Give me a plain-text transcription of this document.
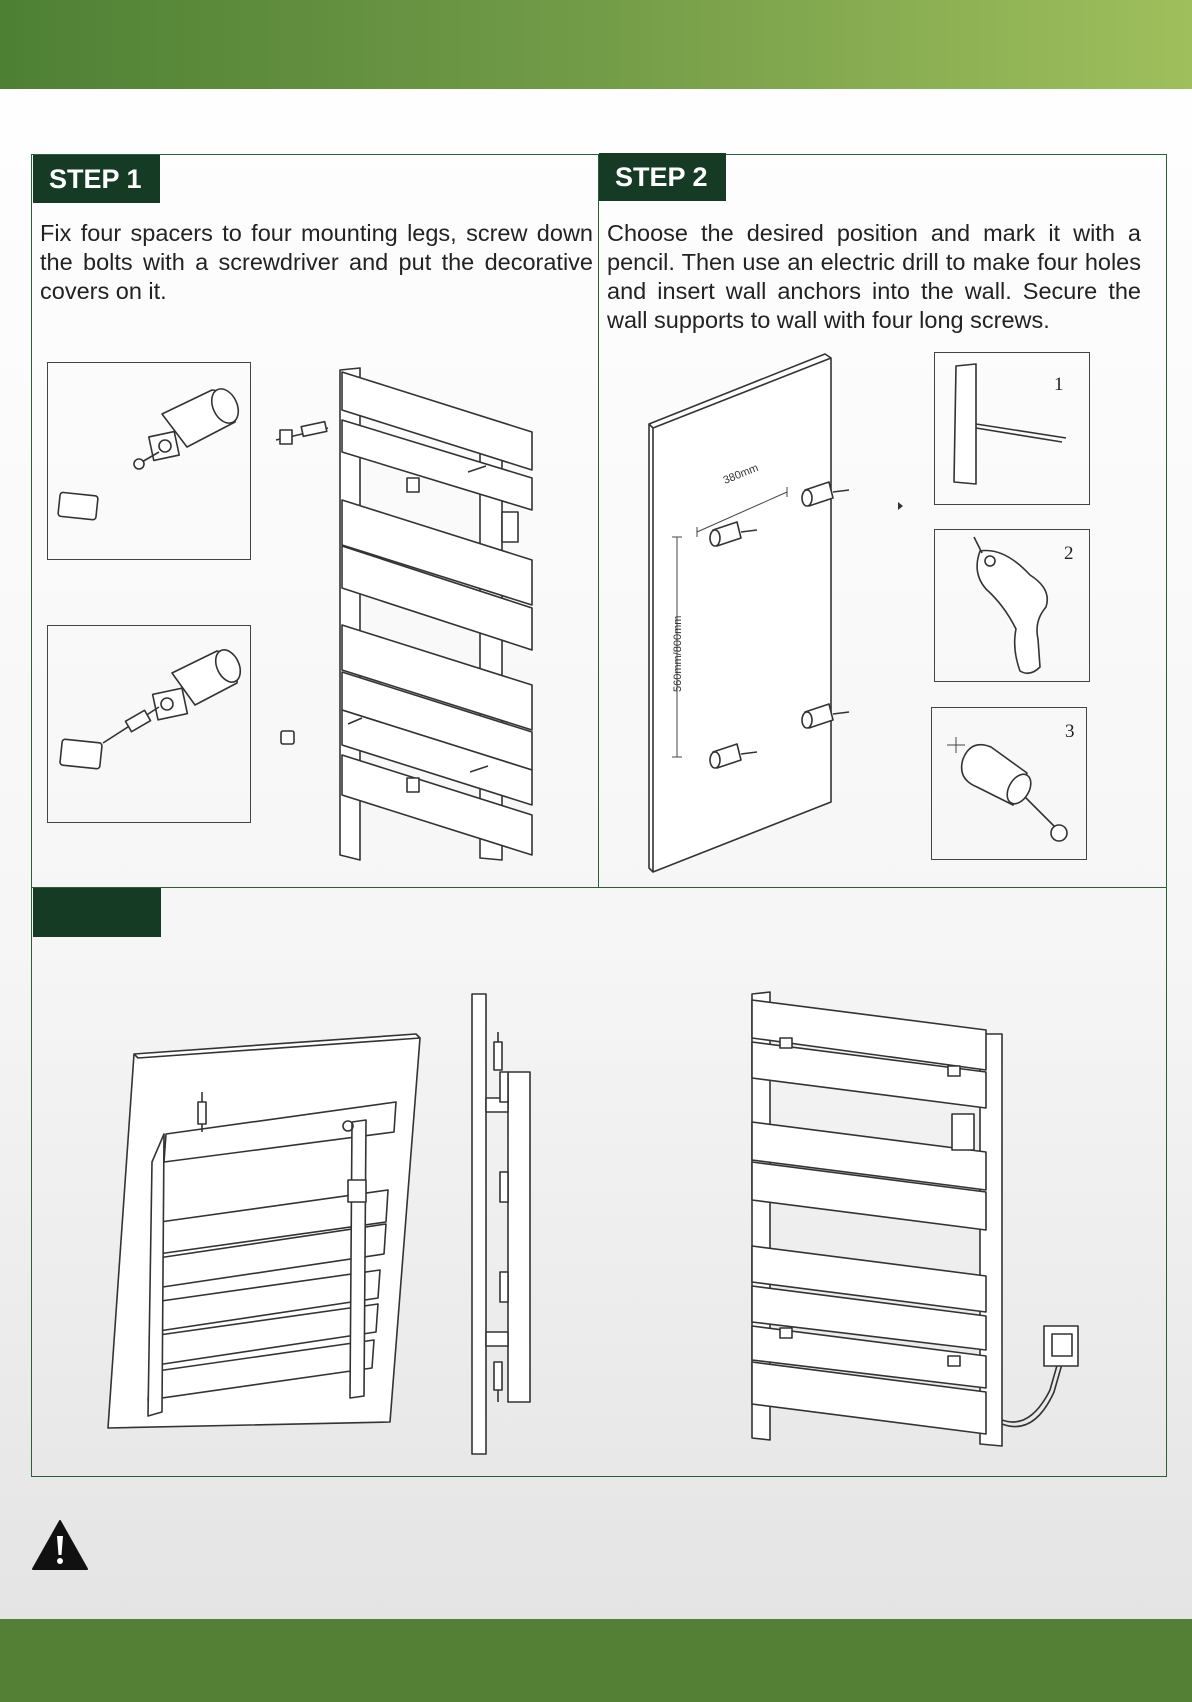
STEP 1	STEP 2
Fix four spacers to four mounting legs, screw down the bolts with a screwdriver and put the decorative covers on it.
Choose the desired position and mark it with a pencil. Then use an electric drill to make four holes and insert wall anchors into the wall. Secure the wall supports to wall with four long screws.
380mm
560mm/800mm
1
2
3
